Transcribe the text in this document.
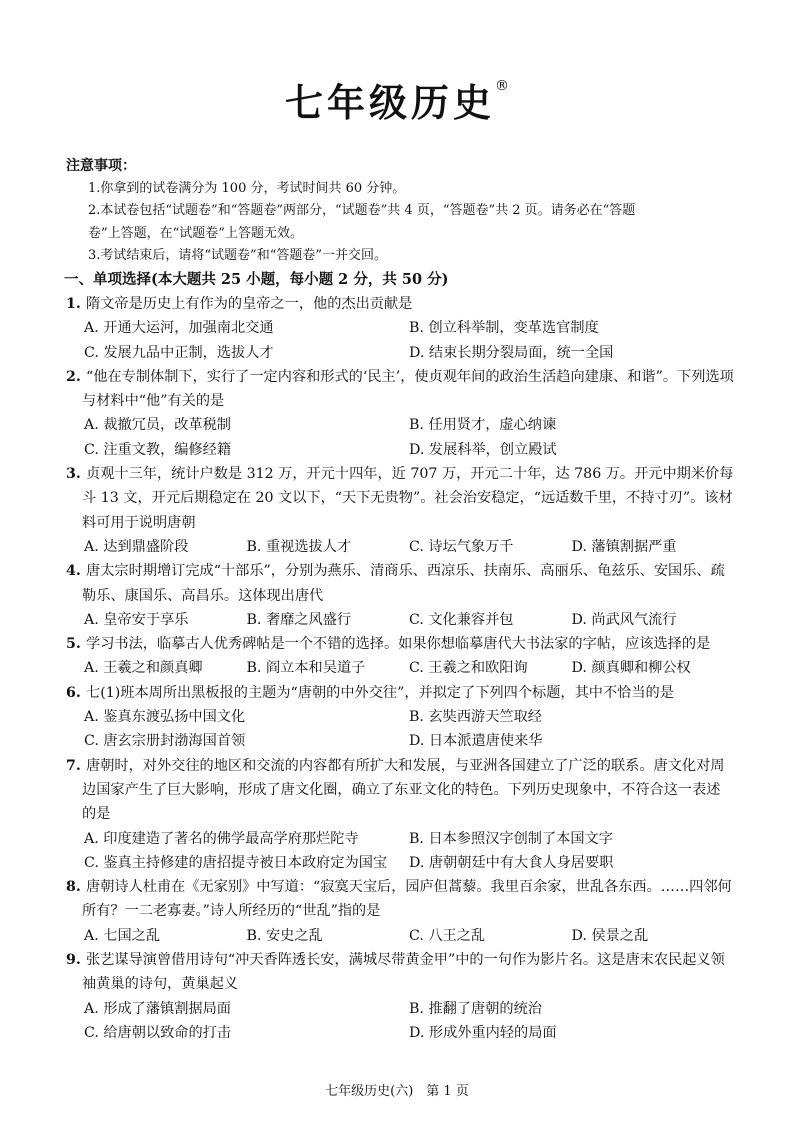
七年级历史®
注意事项：
1.你拿到的试卷满分为 100 分，考试时间共 60 分钟。
2.本试卷包括“试题卷”和“答题卷”两部分，“试题卷”共 4 页，“答题卷”共 2 页。请务必在“答题
卷”上答题，在“试题卷”上答题无效。
3.考试结束后，请将“试题卷”和“答题卷”一并交回。
一、单项选择(本大题共 25 小题，每小题 2 分，共 50 分)
1. 隋文帝是历史上有作为的皇帝之一，他的杰出贡献是
A. 开通大运河，加强南北交通	B. 创立科举制，变革选官制度
C. 发展九品中正制，选拔人才	D. 结束长期分裂局面，统一全国
2. “他在专制体制下，实行了一定内容和形式的‘民主’，使贞观年间的政治生活趋向建康、和谐”。下列选项与材料中“他”有关的是
A. 裁撤冗员，改革税制	B. 任用贤才，虚心纳谏
C. 注重文教，编修经籍	D. 发展科举，创立殿试
3. 贞观十三年，统计户数是 312 万，开元十四年，近 707 万，开元二十年，达 786 万。开元中期米价每斗 13 文，开元后期稳定在 20 文以下，“天下无贵物”。社会治安稳定，“远适数千里，不持寸刃”。该材料可用于说明唐朝
A. 达到鼎盛阶段	B. 重视选拔人才	C. 诗坛气象万千	D. 藩镇割据严重
4. 唐太宗时期增订完成“十部乐”，分别为燕乐、清商乐、西凉乐、扶南乐、高丽乐、龟兹乐、安国乐、疏勒乐、康国乐、高昌乐。这体现出唐代
A. 皇帝安于享乐	B. 奢靡之风盛行	C. 文化兼容并包	D. 尚武风气流行
5. 学习书法，临摹古人优秀碑帖是一个不错的选择。如果你想临摹唐代大书法家的字帖，应该选择的是
A. 王羲之和颜真卿	B. 阎立本和吴道子	C. 王羲之和欧阳询	D. 颜真卿和柳公权
6. 七(1)班本周所出黑板报的主题为“唐朝的中外交往”，并拟定了下列四个标题，其中不恰当的是
A. 鉴真东渡弘扬中国文化	B. 玄奘西游天竺取经
C. 唐玄宗册封渤海国首领	D. 日本派遣唐使来华
7. 唐朝时，对外交往的地区和交流的内容都有所扩大和发展，与亚洲各国建立了广泛的联系。唐文化对周边国家产生了巨大影响，形成了唐文化圈，确立了东亚文化的特色。下列历史现象中，不符合这一表述的是
A. 印度建造了著名的佛学最高学府那烂陀寺	B. 日本参照汉字创制了本国文字
C. 鉴真主持修建的唐招提寺被日本政府定为国宝	D. 唐朝朝廷中有大食人身居要职
8. 唐朝诗人杜甫在《无家别》中写道：“寂寞天宝后，园庐但蒿藜。我里百余家，世乱各东西。……四邻何所有？一二老寡妻。”诗人所经历的“世乱”指的是
A. 七国之乱	B. 安史之乱	C. 八王之乱	D. 侯景之乱
9. 张艺谋导演曾借用诗句“冲天香阵透长安，满城尽带黄金甲”中的一句作为影片名。这是唐末农民起义领袖黄巢的诗句，黄巢起义
A. 形成了藩镇割据局面	B. 推翻了唐朝的统治
C. 给唐朝以致命的打击	D. 形成外重内轻的局面
七年级历史(六)　第 1 页
